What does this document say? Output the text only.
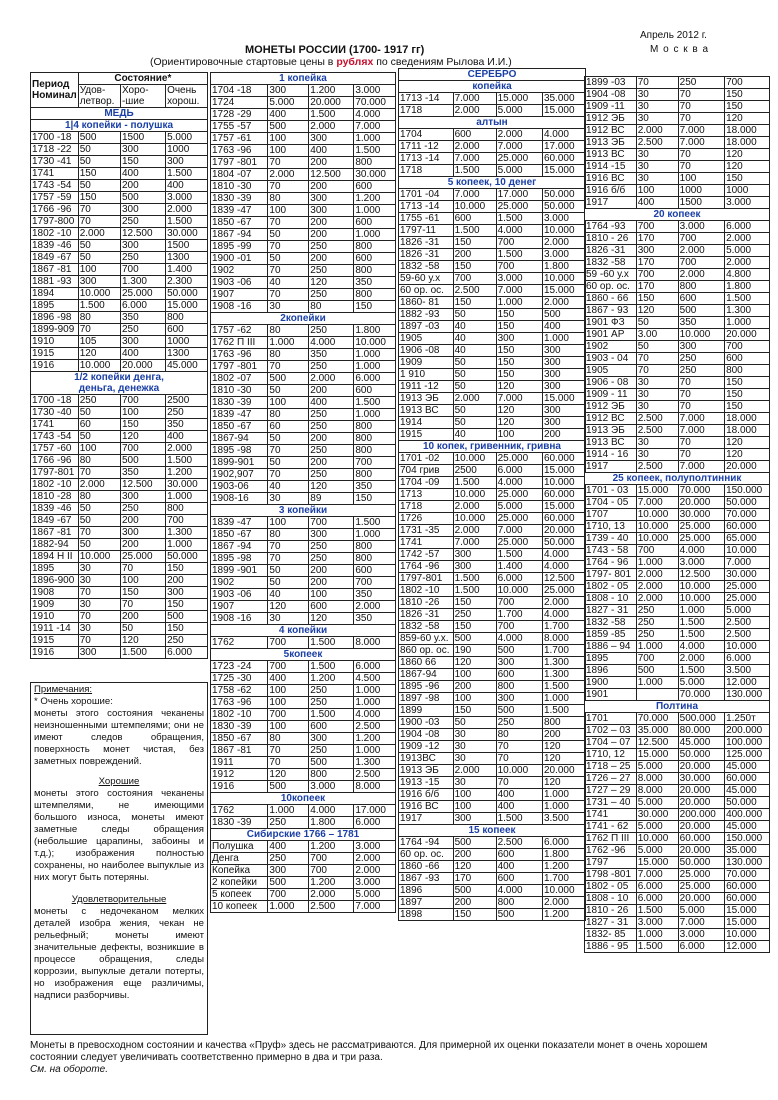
Апрель 2012 г.
М о с к в а
МОНЕТЫ РОССИИ (1700- 1917 гг)
(Ориентировочные стартовые цены в рублях по сведениям Рылова И.И.)
Период
Номинал	Состояние*		
	Удов-
летвор.	Хоро-
-шие	Очень
хорош.
МЕДЬ			
1|4 копейки - полушка			
1700 -18	500	1500	5.000
1718 -22	50	300	1000
1730 -41	50	150	300
1741	150	400	1.500
1743 -54	50	200	400
1757 -59	150	500	3.000
1766 -96	70	300	2.000
1797-800	70	250	1.500
1802 -10	2.000	12.500	30.000
1839 -46	50	300	1500
1849 -67	50	250	1300
1867 -81	100	700	1.400
1881 -93	300	1.300	2.300
1894	10.000	25.000	50.000
1895	1.500	6.000	15.000
1896 -98	80	350	800
1899-909	70	250	600
1910	105	300	1000
1915	120	400	1300
1916	10.000	20.000	45.000
1/2 копейки денга,
деньга, денежка			
1700 -18	250	700	2500
1730 -40	50	100	250
1741	60	150	350
1743 -54	50	120	400
1757 -60	100	700	2.000
1766 -96	80	500	1.500
1797-801	70	350	1.200
1802 -10	2.000	12.500	30.000
1810 -28	80	300	1.000
1839 -46	50	250	800
1849 -67	50	200	700
1867 -81	70	300	1.300
1882-94	50	200	1.000
1894 Н II	10.000	25.000	50.000
1895	30	70	150
1896-900	30	100	200
1908	70	150	300
1909	30	70	150
1910	70	200	500
1911 -14	30	50	150
1915	70	120	250
1916	300	1.500	6.000
1 копейка			
1704 -18	300	1.200	3.000
1724	5.000	20.000	70.000
1728 -29	400	1.500	4.000
1755 -57	500	2.000	7.000
1757 -61	100	300	1.000
1763 -96	100	400	1.500
1797 -801	70	200	800
1804 -07	2.000	12.500	30.000
1810 -30	70	200	600
1830 -39	80	300	1.200
1839 -47	100	300	1.000
1850 -67	70	200	600
1867 -94	50	200	1.000
1895 -99	70	250	800
1900 -01	50	200	600
1902	70	250	800
1903 -06	40	120	350
1907	70	250	800
1908 -16	30	80	150
2копейки			
1757 -62	80	250	1.800
1762 П III	1.000	4.000	10.000
1763 -96	80	350	1.000
1797 -801	70	250	1.000
1802 -07	500	2.000	6.000
1810 -30	50	200	600
1830 -39	100	400	1.500
1839 -47	80	250	1.000
1850 -67	60	250	800
1867-94	50	200	800
1895 -98	70	250	800
1899-901	50	200	700
1902,907	70	250	800
1903-06	40	120	350
1908-16	30	89	150
3 копейки			
1839 -47	100	700	1.500
1850 -67	80	300	1.000
1867 -94	70	250	800
1895 -98	70	250	800
1899 -901	50	200	600
1902	50	200	700
1903 -06	40	100	350
1907	120	600	2.000
1908 -16	30	120	350
4 копейки			
1762	700	1.500	8.000
5копеек			
1723 -24	700	1.500	6.000
1725 -30	400	1.200	4.500
1758 -62	100	250	1.000
1763 -96	100	250	1.000
1802 -10	700	1.500	4.000
1830 -39	100	600	2.500
1850 -67	80	300	1.200
1867 -81	70	250	1.000
1911	70	500	1.300
1912	120	800	2.500
1916	500	3.000	8.000
10копеек			
1762	1.000	4.000	17.000
1830 -39	250	1.800	6.000
Сибирские 1766 – 1781			
Полушка	400	1.200	3.000
Денга	250	700	2.000
Копейка	300	700	2.000
2 копейки	500	1.200	3.000
5 копеек	700	2.000	5.000
10 копеек	1.000	2.500	7.000
СЕРЕБРО			
копейка			
1713 -14	7.000	15.000	35.000
1718	2.000	5.000	15.000
алтын			
1704	600	2.000	4.000
1711 -12	2.000	7.000	17.000
1713 -14	7.000	25.000	60.000
1718	1.500	5.000	15.000
5 копеек, 10 денег			
1701 -04	7.000	17.000	50.000
1713 -14	10.000	25.000	50.000
1755 -61	600	1.500	3.000
1797-11	1.500	4.000	10.000
1826 -31	150	700	2.000
1826 -31	200	1.500	3.000
1832 -58	150	700	1.800
59-60 у.х	700	3.000	10.000
60 ор. ос.	2.500	7.000	15.000
1860- 81	150	1.000	2.000
1882 -93	50	150	500
1897 -03	40	150	400
1905	40	300	1.000
1906 -08	40	150	300
1909	50	150	300
1 910	50	150	300
1911 -12	50	120	300
1913 ЭБ	2.000	7.000	15.000
1913 ВС	50	120	300
1914	50	120	300
1915	40	100	200
10 копек, гривенник, гривна			
1701 -02	10.000	25.000	60.000
704 грив	2500	6.000	15.000
1704 -09	1.500	4.000	10.000
1713	10.000	25.000	60.000
1718	2.000	5.000	15.000
1726	10.000	25.000	60.000
1731 -35	2.000	7.000	20.000
1741	7.000	25.000	50.000
1742 -57	300	1.500	4.000
1764 -96	300	1.400	4.000
1797-801	1.500	6.000	12.500
1802 -10	1.500	10.000	25.000
1810 -26	150	700	2.000
1826 -31	250	1.700	4.000
1832 -58	150	700	1.700
859-60 у.х.	500	4.000	8.000
860 ор. ос.	190	500	1.700
1860 66	120	300	1.300
1867-94	100	600	1.300
1895 -96	200	800	1.500
1897 -98	100	300	1.000
1899	150	500	1.500
1900 -03	50	250	800
1904 -08	30	80	200
1909 -12	30	70	120
1913ВС	30	70	120
1913 ЭБ	2.000	10.000	20.000
1913 -15	30	70	120
1916 б/б	100	400	1.000
1916 ВС	100	400	1.000
1917	300	1.500	3.500
15 копеек			
1764 -94	500	2.500	6.000
60 ор. ос.	200	600	1.800
1860 -66	120	400	1.200
1867 -93	170	600	1.700
1896	500	4.000	10.000
1897	200	800	2.000
1898	150	500	1.200
1899 -03	70	250	700
1904 -08	30	70	150
1909 -11	30	70	150
1912 ЭБ	30	70	120
1912 ВС	2.000	7.000	18.000
1913 ЭБ	2.500	7.000	18.000
1913 ВС	30	70	120
1914 -15	30	70	120
1916 ВС	30	100	150
1916 б/б	100	1000	1000
1917	400	1500	3.000
20 копеек			
1764 -93	700	3.000	6.000
1810 - 26	170	700	2.000
1826 -31	300	2.000	5.000
1832 -58	170	700	2.000
59 -60 у.х	700	2.000	4.800
60 ор. ос.	170	800	1.800
1860 - 66	150	600	1.500
1867 - 93	120	500	1.300
1901 ФЗ	50	350	1.000
1901 АР	3.00	10.000	20.000
1902	50	300	700
1903 - 04	70	250	600
1905	70	250	800
1906 - 08	30	70	150
1909 - 11	30	70	150
1912 ЭБ	30	70	150
1912 ВС	2.500	7.000	18.000
1913 ЭБ	2.500	7.000	18.000
1913 ВС	30	70	120
1914 - 16	30	70	120
1917	2.500	7.000	20.000
25 копеек, полуполтинник			
1701 - 03	15.000	70.000	150.000
1704 - 05	7.000	20.000	50.000
1707	10.000	30.000	70.000
1710, 13	10.000	25.000	60.000
1739 - 40	10.000	25.000	65.000
1743 - 58	700	4.000	10.000
1764 - 96	1.000	3.000	7.000
1797- 801	2.000	12.500	30.000
1802 - 05	2.000	10.000	25.000
1808 - 10	2.000	10.000	25.000
1827 - 31	250	1.000	5.000
1832 -58	250	1.500	2.500
1859 -85	250	1.500	2.500
1886 – 94	1.000	4.000	10.000
1895	700	2.000	6.000
1896	500	1.500	3.500
1900	1.000	5.000	12.000
1901		70.000	130.000
Полтина			
1701	70.000	500.000	1.250т
1702 – 03	35.000	80.000	200.000
1704 – 07	12.500	45.000	100.000
1710, 12	15.000	50.000	125.000
1718 – 25	5.000	20.000	45.000
1726 – 27	8.000	30.000	60.000
1727 – 29	8.000	20.000	45.000
1731 – 40	5.000	20.000	50.000
1741	30.000	200.000	400.000
1741 - 62	5.000	20.000	45.000
1762 П III	10.000	60.000	150.000
1762 -96	5.000	20.000	35.000
1797	15.000	50.000	130.000
1798 -801	7.000	25.000	70.000
1802 - 05	6.000	25.000	60.000
1808 - 10	6.000	20.000	60.000
1810 - 26	1.500	5.000	15.000
1827 - 31	3.000	7.000	15.000
1832- 85	1.000	3.000	10.000
1886 - 95	1.500	6.000	12.000

Примечания:

* Очень хорошие:

монеты этого состояния чеканены неизношенными штемпелями; они не имеют следов обращения, поверхность монет чистая, без заметных повреждений.

Хорошие

монеты этого состояния чеканены штемпелями, не имеющими большого износа, монеты имеют заметные следы обращения (небольшие царапины, забоины и т.д.); изображения полностью сохранены, но наиболее выпуклые из них могут быть потеряны.

Удовлетворительные

монеты с недочеканом мелких деталей изобра жения, чекан не рельефный; монеты имеют значительные дефекты, возникшие в процессе обращения, следы коррозии, выпуклые детали потерты, но изображения еще различимы, надписи разборчивы.

Монеты в превосходном состоянии и качества «Пруф» здесь не рассматриваются. Для примерной их оценки показатели монет в очень хорошем
состоянии следует увеличивать соответственно примерно в два и три раза.
См. на обороте.
